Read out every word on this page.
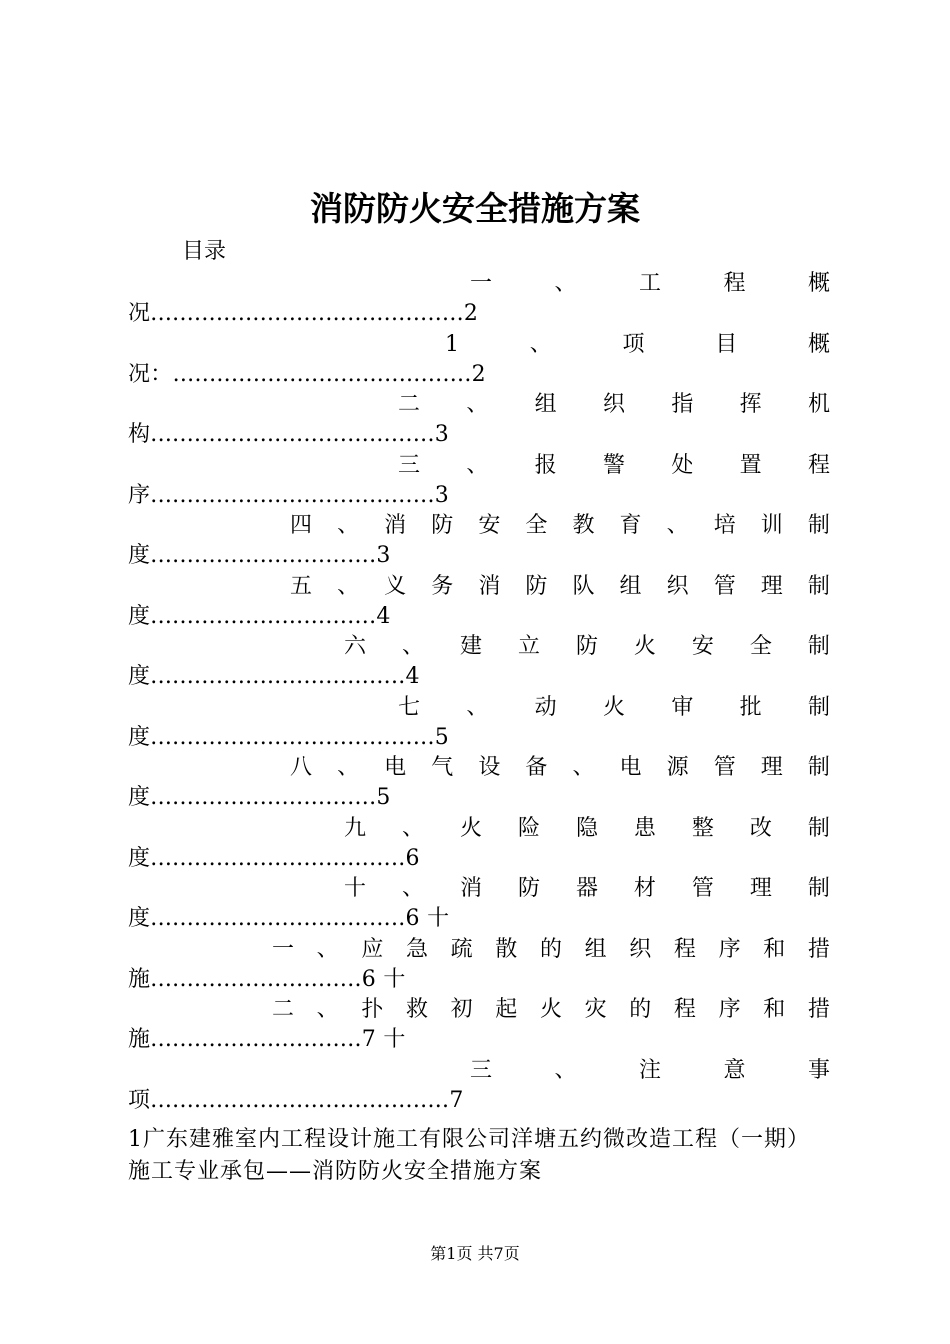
消防防火安全措施方案
目录
一	、	工	程	概
况...........................................2
1	、	项	目	概
况：.........................................2
二 、 组 织 指 挥 机
构.......................................3
三 、 报 警 处 置 程
序.......................................3
四 、 消 防 安 全 教 育 、 培 训 制
度...............................3
五 、 义 务 消 防 队 组 织 管 理 制
度...............................4
六 、 建 立 防 火 安 全 制
度...................................4
七 、 动 火 审 批 制
度.......................................5
八 、 电 气 设 备 、 电 源 管 理 制
度...............................5
九 、 火 险 隐 患 整 改 制
度...................................6
十 、 消 防 器 材 管 理 制
度...................................6 十
一 、 应 急 疏 散 的 组 织 程 序 和 措
施.............................6 十
二 、 扑 救 初 起 火 灾 的 程 序 和 措
施.............................7 十
三	、	注	意	事
项.........................................7
1广东建雅室内工程设计施工有限公司洋塘五约微改造工程（一期）施工专业承包——消防防火安全措施方案
第1页 共7页
